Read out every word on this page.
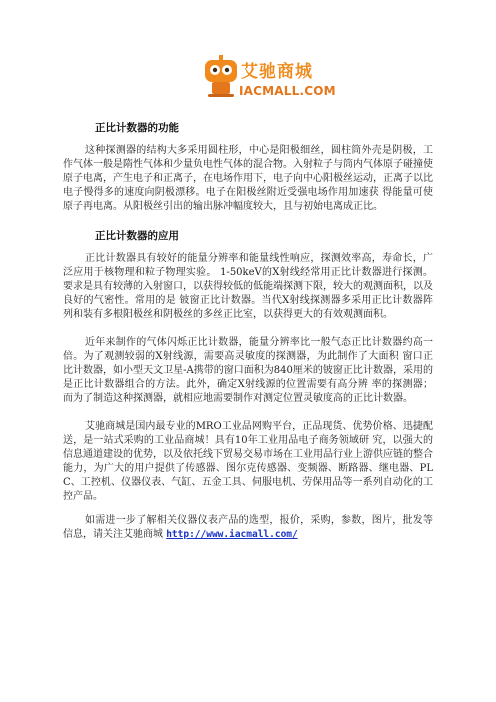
艾驰商城
IACMALL.COM
正比计数器的功能

这种探测器的结构大多采用圆柱形，中心是阳极细丝，圆柱筒外壳是阴极，工作气体一般是隋性气体和少量负电性气体的混合物。入射粒子与筒内气体原子碰撞使原子电离，产生电子和正离子，在电场作用下，电子向中心阳极丝运动，正离子以比电子慢得多的速度向阴极漂移。电子在阳极丝附近受强电场作用加速获 得能量可使原子再电离。从阳极丝引出的输出脉冲幅度较大，且与初始电离成正比。

正比计数器的应用

正比计数器具有较好的能量分辨率和能量线性响应，探测效率高，寿命长，广泛应用于核物理和粒子物理实验。 1-50keV的X射线经常用正比计数器进行探测。要求是具有较薄的入射窗口，以获得较低的低能端探测下限，较大的观测面积，以及良好的气密性。常用的是 铍窗正比计数器。当代X射线探测器多采用正比计数器阵列和装有多根阳极丝和阴极丝的多丝正比室，以获得更大的有效观测面积。

近年来制作的气体闪烁正比计数器，能量分辨率比一般气态正比计数器约高一倍。为了观测较弱的X射线源，需要高灵敏度的探测器，为此制作了大面积 窗口正比计数器，如小型天文卫星-A携带的窗口面积为840厘米的铍窗正比计数器，采用的是正比计数器组合的方法。此外，确定X射线源的位置需要有高分辨 率的探测器；而为了制造这种探测器，就相应地需要制作对测定位置灵敏度高的正比计数器。

艾驰商城是国内最专业的MRO工业品网购平台，正品现货、优势价格、迅捷配送，是一站式采购的工业品商城！具有10年工业用品电子商务领域研 究，以强大的信息通道建设的优势，以及依托线下贸易交易市场在工业用品行业上游供应链的整合能力，为广大的用户提供了传感器、图尔克传感器、变频器、断路器、继电器、PLC、工控机、仪器仪表、气缸、五金工具、伺服电机、劳保用品等一系列自动化的工控产品。

如需进一步了解相关仪器仪表产品的选型，报价，采购，参数，图片，批发等信息，请关注艾驰商城 http://www.iacmall.com/
